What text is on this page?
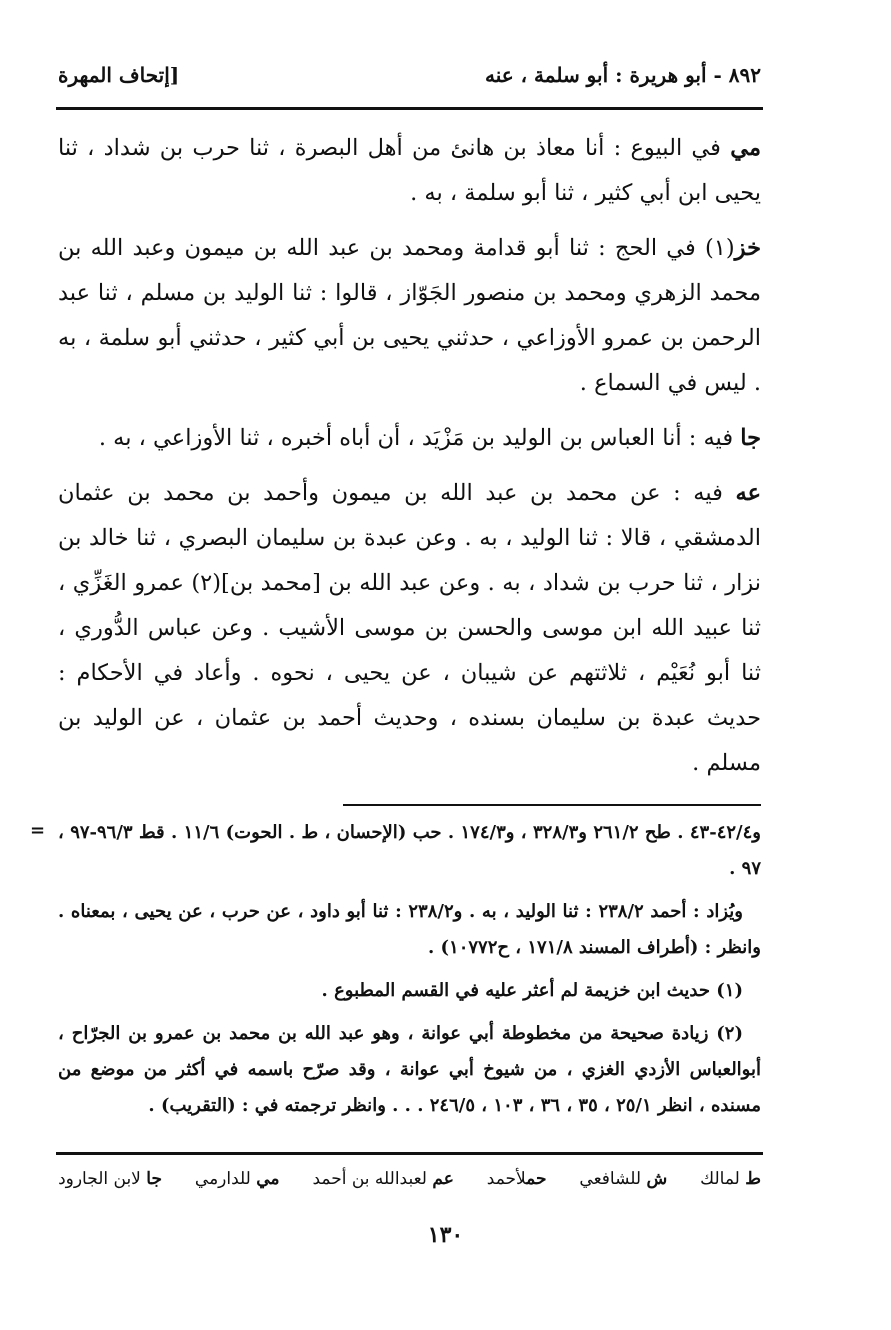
٨٩٢ - أبو هريرة : أبو سلمة ، عنه
[إتحاف المهرة

مي في البيوع : أنا معاذ بن هانئ من أهل البصرة ، ثنا حرب بن شداد ، ثنا يحيى ابن أبي كثير ، ثنا أبو سلمة ، به .

خز(١) في الحج : ثنا أبو قدامة ومحمد بن عبد الله بن ميمون وعبد الله بن محمد الزهري ومحمد بن منصور الجَوّاز ، قالوا : ثنا الوليد بن مسلم ، ثنا عبد الرحمن بن عمرو الأوزاعي ، حدثني يحيى بن أبي كثير ، حدثني أبو سلمة ، به . ليس في السماع .

جا فيه : أنا العباس بن الوليد بن مَزْيَد ، أن أباه أخبره ، ثنا الأوزاعي ، به .

عه فيه : عن محمد بن عبد الله بن ميمون وأحمد بن محمد بن عثمان الدمشقي ، قالا : ثنا الوليد ، به . وعن عبدة بن سليمان البصري ، ثنا خالد بن نزار ، ثنا حرب بن شداد ، به . وعن عبد الله بن [محمد بن](٢) عمرو الغَزِّي ، ثنا عبيد الله ابن موسى والحسن بن موسى الأشيب . وعن عباس الدُّوري ، ثنا أبو نُعَيْم ، ثلاثتهم عن شيبان ، عن يحيى ، نحوه . وأعاد في الأحكام : حديث عبدة بن سليمان بسنده ، وحديث أحمد بن عثمان ، عن الوليد بن مسلم .

= و٤٢/٤-٤٣ . طح ٢٦١/٢ و٣٢٨/٣ ، و١٧٤/٣ . حب (الإحسان ، ط . الحوت) ١١/٦ . قط ٩٦/٣-٩٧ ، ٩٧ .

ويُزاد : أحمد ٢٣٨/٢ : ثنا الوليد ، به . و٢٣٨/٢ : ثنا أبو داود ، عن حرب ، عن يحيى ، بمعناه . وانظر : (أطراف المسند ١٧١/٨ ، ح١٠٧٧٢) .

(١) حديث ابن خزيمة لم أعثر عليه في القسم المطبوع .

(٢) زيادة صحيحة من مخطوطة أبي عوانة ، وهو عبد الله بن محمد بن عمرو بن الجرّاح ، أبوالعباس الأزدي الغزي ، من شيوخ أبي عوانة ، وقد صرّح باسمه في أكثر من موضع من مسنده ، انظر ٢٥/١ ، ٣٥ ، ٣٦ ، ١٠٣ ، ٢٤٦/٥ . . . وانظر ترجمته في : (التقريب) .

ط لمالك
ش للشافعي
حملأحمد
عم لعبدالله بن أحمد
مي للدارمي
جا لابن الجارود
١٣٠
